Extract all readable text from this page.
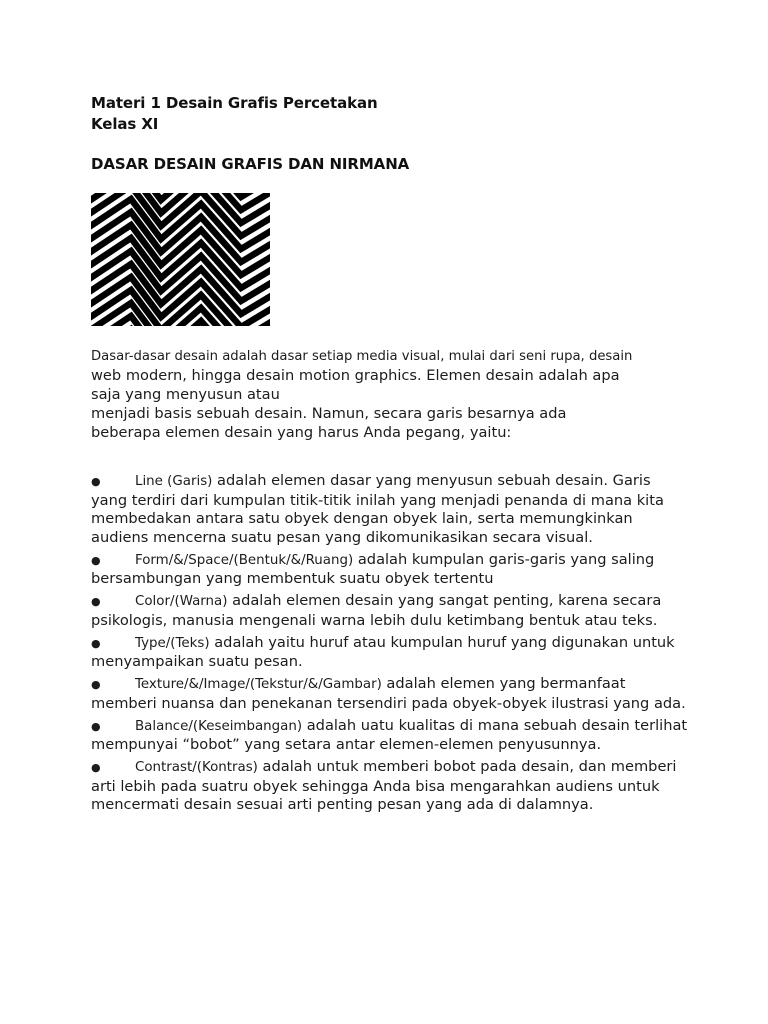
Materi 1 Desain Grafis Percetakan
Kelas XI
DASAR DESAIN GRAFIS DAN NIRMANA

Dasar-dasar desain adalah dasar setiap media visual, mulai dari seni rupa, desain

web modern, hingga desain motion graphics. Elemen desain adalah apa

saja yang menyusun atau

menjadi basis sebuah desain. Namun, secara garis besarnya ada

beberapa elemen desain yang harus Anda pegang, yaitu:

●	Line (Garis) adalah elemen dasar yang menyusun sebuah desain. Garis yang terdiri dari kumpulan titik-titik inilah yang menjadi penanda di mana kita membedakan antara satu obyek dengan obyek lain, serta memungkinkan audiens mencerna suatu pesan yang dikomunikasikan secara visual.
●	Form/&/Space/(Bentuk/&/Ruang) adalah kumpulan garis-garis yang saling bersambungan yang membentuk suatu obyek tertentu
●	Color/(Warna) adalah elemen desain yang sangat penting, karena secara psikologis, manusia mengenali warna lebih dulu ketimbang bentuk atau teks.
●	Type/(Teks) adalah yaitu huruf atau kumpulan huruf yang digunakan untuk menyampaikan suatu pesan.
●	Texture/&/Image/(Tekstur/&/Gambar) adalah elemen yang bermanfaat memberi nuansa dan penekanan tersendiri pada obyek-obyek ilustrasi yang ada.
●	Balance/(Keseimbangan) adalah uatu kualitas di mana sebuah desain terlihat mempunyai “bobot” yang setara antar elemen-elemen penyusunnya.
●	Contrast/(Kontras) adalah untuk memberi bobot pada desain, dan memberi arti lebih pada suatru obyek sehingga Anda bisa mengarahkan audiens untuk mencermati desain sesuai arti penting pesan yang ada di dalamnya.
